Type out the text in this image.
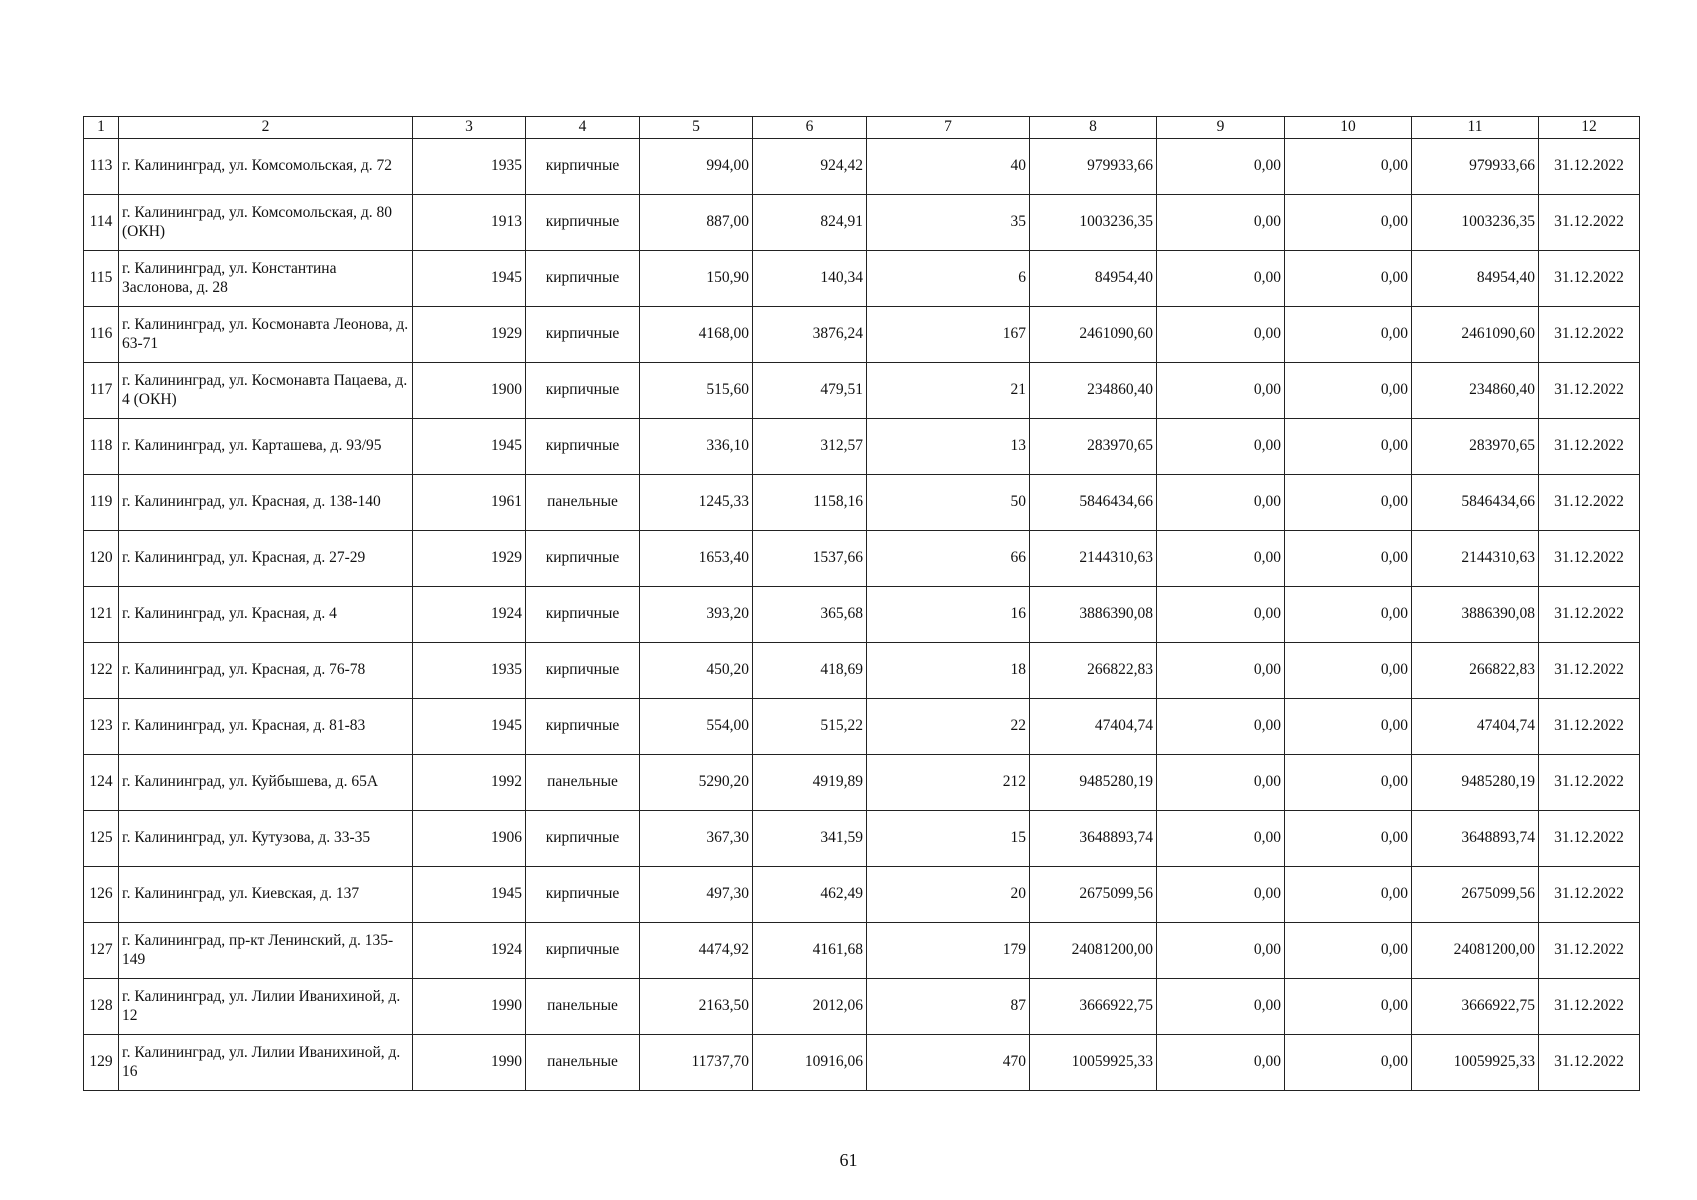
1	2	3	4	5	6	7	8	9	10	11	12
113	г. Калининград, ул. Комсомольская, д. 72	1935	кирпичные	994,00	924,42	40	979933,66	0,00	0,00	979933,66	31.12.2022
114	г. Калининград, ул. Комсомольская, д. 80 (ОКН)	1913	кирпичные	887,00	824,91	35	1003236,35	0,00	0,00	1003236,35	31.12.2022
115	г. Калининград, ул. Константина Заслонова, д. 28	1945	кирпичные	150,90	140,34	6	84954,40	0,00	0,00	84954,40	31.12.2022
116	г. Калининград, ул. Космонавта Леонова, д. 63-71	1929	кирпичные	4168,00	3876,24	167	2461090,60	0,00	0,00	2461090,60	31.12.2022
117	г. Калининград, ул. Космонавта Пацаева, д. 4 (ОКН)	1900	кирпичные	515,60	479,51	21	234860,40	0,00	0,00	234860,40	31.12.2022
118	г. Калининград, ул. Карташева, д. 93/95	1945	кирпичные	336,10	312,57	13	283970,65	0,00	0,00	283970,65	31.12.2022
119	г. Калининград, ул. Красная, д. 138-140	1961	панельные	1245,33	1158,16	50	5846434,66	0,00	0,00	5846434,66	31.12.2022
120	г. Калининград, ул. Красная, д. 27-29	1929	кирпичные	1653,40	1537,66	66	2144310,63	0,00	0,00	2144310,63	31.12.2022
121	г. Калининград, ул. Красная, д. 4	1924	кирпичные	393,20	365,68	16	3886390,08	0,00	0,00	3886390,08	31.12.2022
122	г. Калининград, ул. Красная, д. 76-78	1935	кирпичные	450,20	418,69	18	266822,83	0,00	0,00	266822,83	31.12.2022
123	г. Калининград, ул. Красная, д. 81-83	1945	кирпичные	554,00	515,22	22	47404,74	0,00	0,00	47404,74	31.12.2022
124	г. Калининград, ул. Куйбышева, д. 65А	1992	панельные	5290,20	4919,89	212	9485280,19	0,00	0,00	9485280,19	31.12.2022
125	г. Калининград, ул. Кутузова, д. 33-35	1906	кирпичные	367,30	341,59	15	3648893,74	0,00	0,00	3648893,74	31.12.2022
126	г. Калининград, ул. Киевская, д. 137	1945	кирпичные	497,30	462,49	20	2675099,56	0,00	0,00	2675099,56	31.12.2022
127	г. Калининград, пр-кт Ленинский, д. 135-149	1924	кирпичные	4474,92	4161,68	179	24081200,00	0,00	0,00	24081200,00	31.12.2022
128	г. Калининград, ул. Лилии Иванихиной, д. 12	1990	панельные	2163,50	2012,06	87	3666922,75	0,00	0,00	3666922,75	31.12.2022
129	г. Калининград, ул. Лилии Иванихиной, д. 16	1990	панельные	11737,70	10916,06	470	10059925,33	0,00	0,00	10059925,33	31.12.2022
61
